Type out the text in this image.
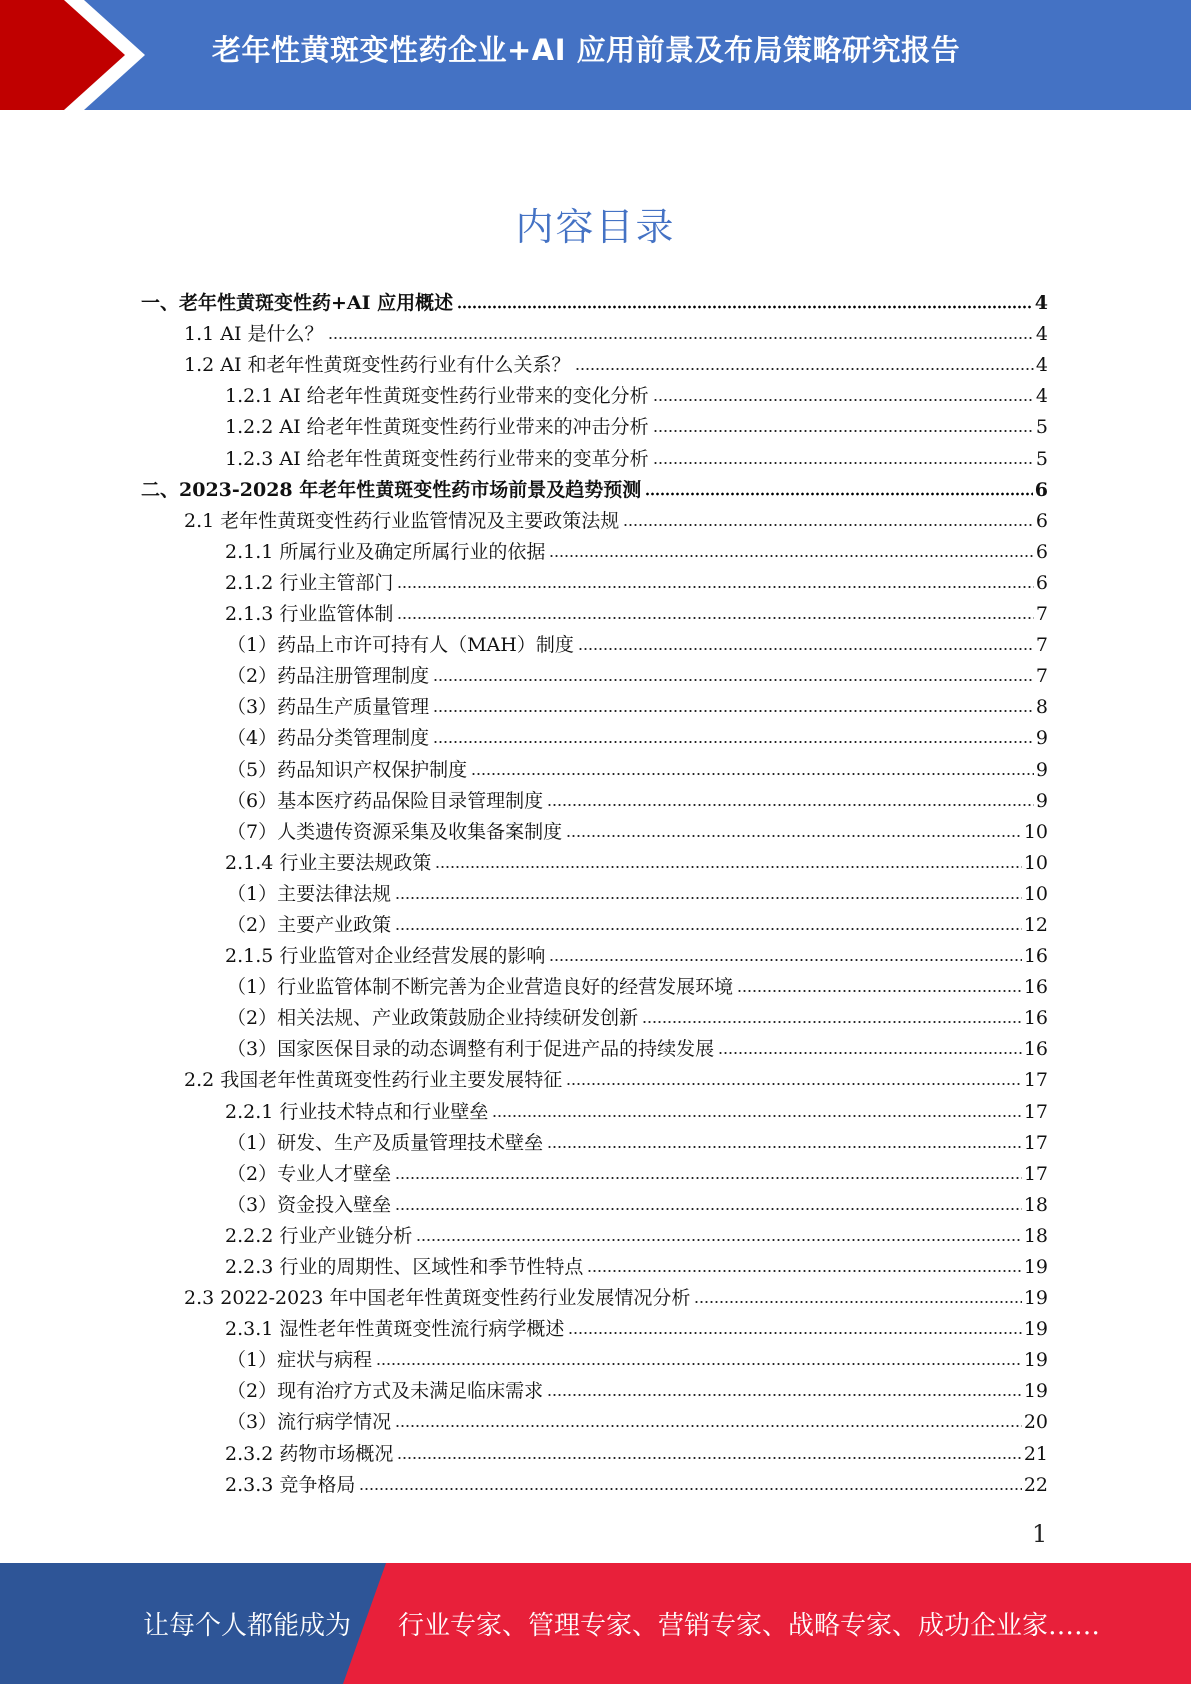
老年性黄斑变性药企业+AI 应用前景及布局策略研究报告
内容目录
一、老年性黄斑变性药+AI 应用概述	4
1.1 AI 是什么？	4
1.2 AI 和老年性黄斑变性药行业有什么关系？	4
1.2.1 AI 给老年性黄斑变性药行业带来的变化分析	4
1.2.2 AI 给老年性黄斑变性药行业带来的冲击分析	5
1.2.3 AI 给老年性黄斑变性药行业带来的变革分析	5
二、2023-2028 年老年性黄斑变性药市场前景及趋势预测	6
2.1 老年性黄斑变性药行业监管情况及主要政策法规	6
2.1.1 所属行业及确定所属行业的依据	6
2.1.2 行业主管部门	6
2.1.3 行业监管体制	7
（1）药品上市许可持有人（MAH）制度	7
（2）药品注册管理制度	7
（3）药品生产质量管理	8
（4）药品分类管理制度	9
（5）药品知识产权保护制度	9
（6）基本医疗药品保险目录管理制度	9
（7）人类遗传资源采集及收集备案制度	10
2.1.4 行业主要法规政策	10
（1）主要法律法规	10
（2）主要产业政策	12
2.1.5 行业监管对企业经营发展的影响	16
（1）行业监管体制不断完善为企业营造良好的经营发展环境	16
（2）相关法规、产业政策鼓励企业持续研发创新	16
（3）国家医保目录的动态调整有利于促进产品的持续发展	16
2.2 我国老年性黄斑变性药行业主要发展特征	17
2.2.1 行业技术特点和行业壁垒	17
（1）研发、生产及质量管理技术壁垒	17
（2）专业人才壁垒	17
（3）资金投入壁垒	18
2.2.2 行业产业链分析	18
2.2.3 行业的周期性、区域性和季节性特点	19
2.3 2022-2023 年中国老年性黄斑变性药行业发展情况分析	19
2.3.1 湿性老年性黄斑变性流行病学概述	19
（1）症状与病程	19
（2）现有治疗方式及未满足临床需求	19
（3）流行病学情况	20
2.3.2 药物市场概况	21
2.3.3 竞争格局	22
1
让每个人都能成为 行业专家、管理专家、营销专家、战略专家、成功企业家……
